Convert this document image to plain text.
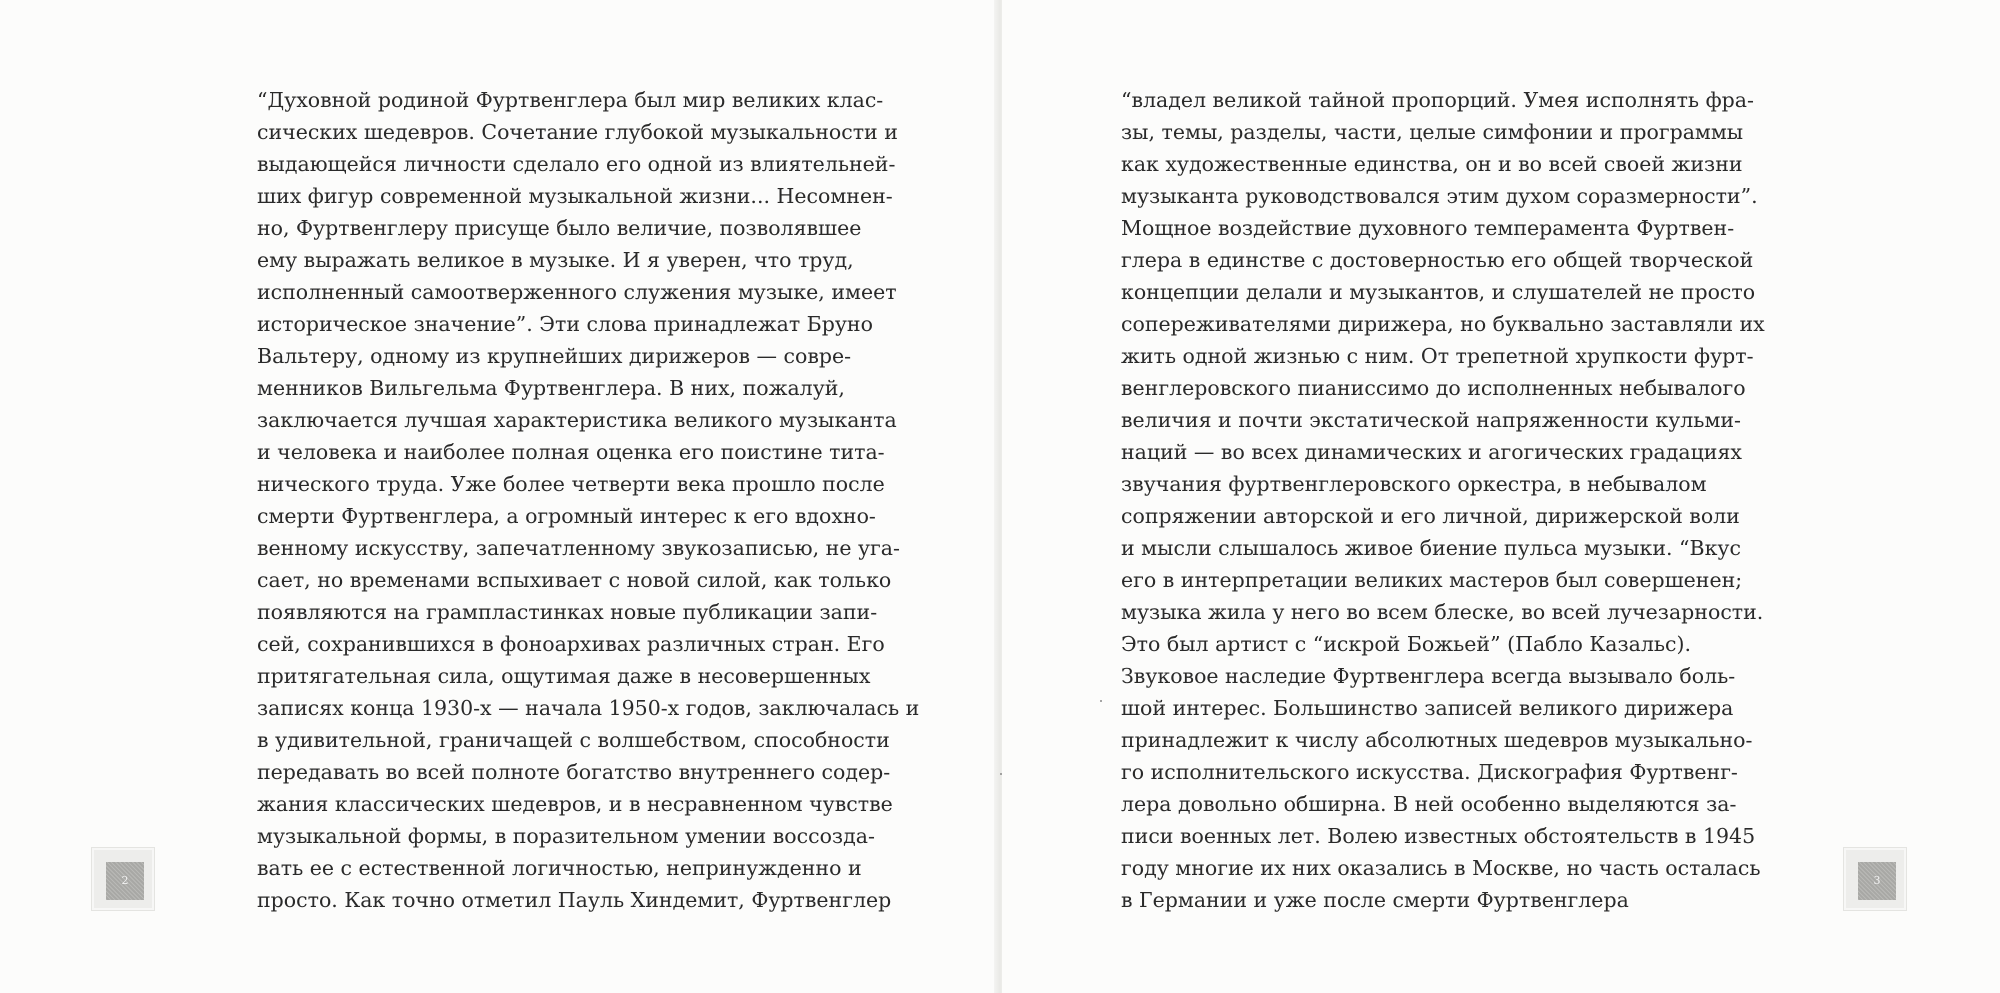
“Духовной родиной Фуртвенглера был мир великих клас-
сических шедевров. Сочетание глубокой музыкальности и
выдающейся личности сделало его одной из влиятельней-
ших фигур современной музыкальной жизни... Несомнен-
но, Фуртвенглеру присуще было величие, позволявшее
ему выражать великое в музыке. И я уверен, что труд,
исполненный самоотверженного служения музыке, имеет
историческое значение”. Эти слова принадлежат Бруно
Вальтеру, одному из крупнейших дирижеров — совре-
менников Вильгельма Фуртвенглера. В них, пожалуй,
заключается лучшая характеристика великого музыканта
и человека и наиболее полная оценка его поистине тита-
нического труда. Уже более четверти века прошло после
смерти Фуртвенглера, а огромный интерес к его вдохно-
венному искусству, запечатленному звукозаписью, не уга-
сает, но временами вспыхивает с новой силой, как только
появляются на грампластинках новые публикации запи-
сей, сохранившихся в фоноархивах различных стран. Его
притягательная сила, ощутимая даже в несовершенных
записях конца 1930-х — начала 1950-х годов, заключалась и
в удивительной, граничащей с волшебством, способности
передавать во всей полноте богатство внутреннего содер-
жания классических шедевров, и в несравненном чувстве
музыкальной формы, в поразительном умении воссозда-
вать ее с естественной логичностью, непринужденно и
просто. Как точно отметил Пауль Хиндемит, Фуртвенглер
2
“владел великой тайной пропорций. Умея исполнять фра-
зы, темы, разделы, части, целые симфонии и программы
как художественные единства, он и во всей своей жизни
музыканта руководствовался этим духом соразмерности”.
Мощное воздействие духовного темперамента Фуртвен-
глера в единстве с достоверностью его общей творческой
концепции делали и музыкантов, и слушателей не просто
сопереживателями дирижера, но буквально заставляли их
жить одной жизнью с ним. От трепетной хрупкости фурт-
венглеровского пианиссимо до исполненных небывалого
величия и почти экстатической напряженности кульми-
наций — во всех динамических и агогических градациях
звучания фуртвенглеровского оркестра, в небывалом
сопряжении авторской и его личной, дирижерской воли
и мысли слышалось живое биение пульса музыки. “Вкус
его в интерпретации великих мастеров был совершенен;
музыка жила у него во всем блеске, во всей лучезарности.
Это был артист с “искрой Божьей” (Пабло Казальс).
Звуковое наследие Фуртвенглера всегда вызывало боль-
шой интерес. Большинство записей великого дирижера
принадлежит к числу абсолютных шедевров музыкально-
го исполнительского искусства. Дискография Фуртвенг-
лера довольно обширна. В ней особенно выделяются за-
писи военных лет. Волею известных обстоятельств в 1945
году многие их них оказались в Москве, но часть осталась
в Германии и уже после смерти Фуртвенглера
3
